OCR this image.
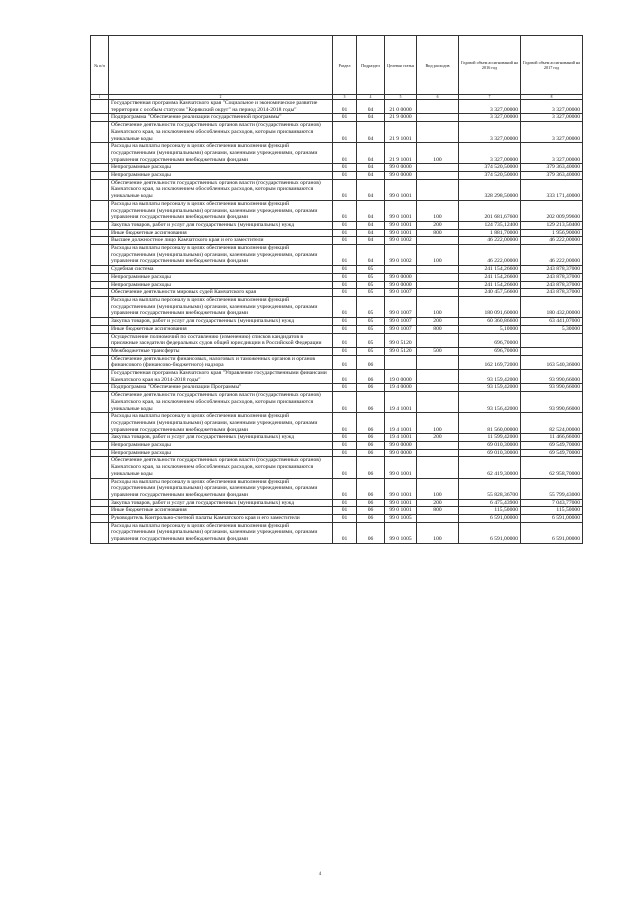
№ п/п		Раздел	Подраздел	Целевая статья	Вид расходов	Годовой объем ассигнований на 2016 год	Годовой объем ассигнований на 2017 год
1	2	3	4	5	6	7	8
	Государственная программа Камчатского края "Социальное и экономическое развитие территории с особым статусом "Корякский округ" на период 2014-2018 годы"	01	04	21 0 0000		3 327,00000	3 327,00000
	Подпрограмма "Обеспечение реализации государственной программы"	01	04	21 9 0000		3 327,00000	3 327,00000
	Обеспечение деятельности государственных органов власти (государственных органов) Камчатского края, за исключением обособленных расходов, которым присваиваются уникальные коды	01	04	21 9 1001		3 327,00000	3 327,00000
	Расходы на выплаты персоналу в целях обеспечения выполнения функций государственными (муниципальными) органами, казенными учреждениями, органами управления государственными внебюджетными фондами	01	04	21 9 1001	100	3 327,00000	3 327,00000
	Непрограммные расходы	01	04	99 0 0000		374 520,50000	379 363,40000
	Непрограммные расходы	01	04	99 0 0000		374 520,50000	379 363,40000
	Обеспечение деятельности государственных органов власти (государственных органов) Камчатского края, за исключением обособленных расходов, которым присваиваются уникальные коды	01	04	99 0 1001		328 298,50000	333 171,40000
	Расходы на выплаты персоналу в целях обеспечения выполнения функций государственными (муниципальными) органами, казенными учреждениями, органами управления государственными внебюджетными фондами	01	04	99 0 1001	100	201 681,67600	202 009,99600
	Закупка товаров, работ и услуг для государственных (муниципальных) нужд	01	04	99 0 1001	200	124 735,12400	129 213,50400
	Иные бюджетные ассигнования	01	04	99 0 1001	800	1 881,70000	1 956,90000
	Высшее должностное лицо Камчатского края и его заместители	01	04	99 0 1002		46 222,00000	46 222,00000
	Расходы на выплаты персоналу в целях обеспечения выполнения функций государственными (муниципальными) органами, казенными учреждениями, органами управления государственными внебюджетными фондами	01	04	99 0 1002	100	46 222,00000	46 222,00000
	Судебная система	01	05			241 154,26600	243 878,37000
	Непрограммные расходы	01	05	99 0 0000		241 154,26600	243 878,37000
	Непрограммные расходы	01	05	99 0 0000		241 154,26600	243 878,37000
	Обеспечение деятельности мировых судей Камчатского края	01	05	99 0 1007		240 457,56600	243 878,37000
	Расходы на выплаты персоналу в целях обеспечения выполнения функций государственными (муниципальными) органами, казенными учреждениями, органами управления государственными внебюджетными фондами	01	05	99 0 1007	100	180 091,60000	180 432,00000
	Закупка товаров, работ и услуг для государственных (муниципальных) нужд	01	05	99 0 1007	200	60 360,86600	63 441,07000
	Иные бюджетные ассигнования	01	05	99 0 1007	800	5,10000	5,30000
	Осуществление полномочий по составлению (изменению) списков кандидатов в присяжные заседатели федеральных судов общей юрисдикции в Российской Федерации	01	05	99 0 5120		696,70000	
	Межбюджетные трансферты	01	05	99 0 5120	500	696,70000	
	Обеспечение деятельности финансовых, налоговых и таможенных органов и органов финансового (финансово-бюджетного) надзора	01	06			162 169,72000	163 540,36000
	Государственная программа Камчатского края "Управление государственными финансами Камчатского края на 2014-2018 годы"	01	06	19 0 0000		93 159,42000	93 990,66000
	Подпрограмма "Обеспечение реализации Программы"	01	06	19 4 0000		93 159,42000	93 990,66000
	Обеспечение деятельности государственных органов власти (государственных органов) Камчатского края, за исключением обособленных расходов, которым присваиваются уникальные коды	01	06	19 4 1001		93 156,42000	93 990,66000
	Расходы на выплаты персоналу в целях обеспечения выполнения функций государственными (муниципальными) органами, казенными учреждениями, органами управления государственными внебюджетными фондами	01	06	19 4 1001	100	81 560,00000	82 524,00000
	Закупка товаров, работ и услуг для государственных (муниципальных) нужд	01	06	19 4 1001	200	11 599,42000	11 466,66000
	Непрограммные расходы	01	06	99 0 0000		69 010,30000	69 549,70000
	Непрограммные расходы	01	06	99 0 0000		69 010,30000	69 549,70000
	Обеспечение деятельности государственных органов власти (государственных органов) Камчатского края, за исключением обособленных расходов, которым присваиваются уникальные коды	01	06	99 0 1001		62 419,30000	62 958,70000
	Расходы на выплаты персоналу в целях обеспечения выполнения функций государственными (муниципальными) органами, казенными учреждениями, органами управления государственными внебюджетными фондами	01	06	99 0 1001	100	55 828,36700	55 799,43000
	Закупка товаров, работ и услуг для государственных (муниципальных) нужд	01	06	99 0 1001	200	6 475,43900	7 043,77000
	Иные бюджетные ассигнования	01	06	99 0 1001	800	115,50000	115,50000
	Руководитель Контрольно-счетной палаты Камчатского края и его заместители	01	06	99 0 1005		6 591,00000	6 591,00000
	Расходы на выплаты персоналу в целях обеспечения выполнения функций государственными (муниципальными) органами, казенными учреждениями, органами управления государственными внебюджетными фондами	01	06	99 0 1005	100	6 591,00000	6 591,00000
4
